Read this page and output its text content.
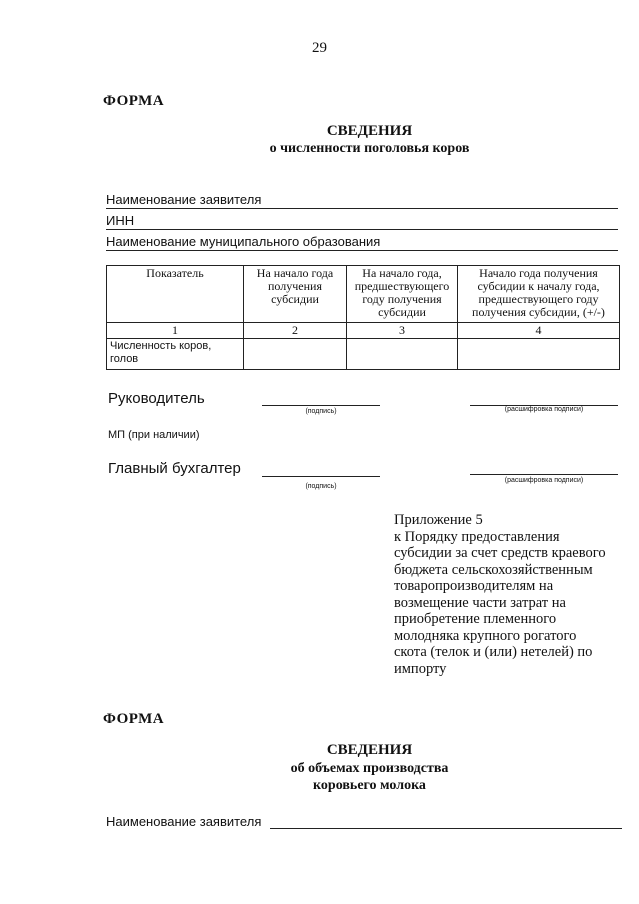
29
ФОРМА
СВЕДЕНИЯ
о численности поголовья коров
Наименование заявителя
ИНН
Наименование муниципального образования
Показатель	На начало года получения субсидии	На начало года, предшествующего году получения субсидии	Начало года получения субсидии к началу года, предшествующего году получения субсидии, (+/-)
1	2	3	4
Численность коров, голов			
Руководитель
(подпись)	(расшифровка подписи)
МП (при наличии)
Главный бухгалтер
(подпись)
(расшифровка подписи)
Приложение 5
к Порядку предоставления
субсидии за счет средств краевого
бюджета сельскохозяйственным
товаропроизводителям на
возмещение части затрат на
приобретение племенного
молодняка крупного рогатого
скота (телок и (или) нетелей) по
импорту
ФОРМА
СВЕДЕНИЯ
об объемах производства
коровьего молока
Наименование заявителя
